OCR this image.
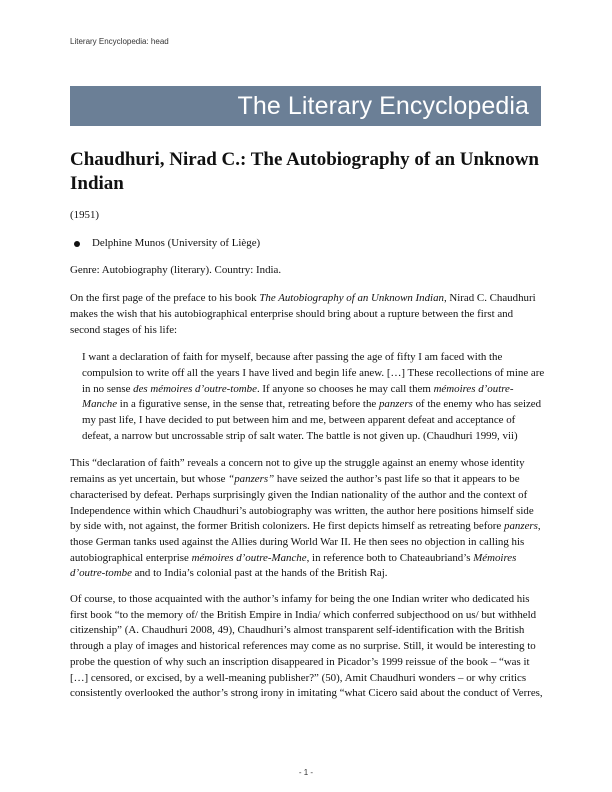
Literary Encyclopedia: head
The Literary Encyclopedia
Chaudhuri, Nirad C.: The Autobiography of an Unknown Indian
(1951)
Delphine Munos (University of Liège)

Genre: Autobiography (literary). Country: India.

On the first page of the preface to his book The Autobiography of an Unknown Indian, Nirad C. Chaudhuri makes the wish that his autobiographical enterprise should bring about a rupture between the first and second stages of his life:

I want a declaration of faith for myself, because after passing the age of fifty I am faced with the compulsion to write off all the years I have lived and begin life anew. […] These recollections of mine are in no sense des mémoires d’outre-tombe. If anyone so chooses he may call them mémoires d’outre-Manche in a figurative sense, in the sense that, retreating before the panzers of the enemy who has seized my past life, I have decided to put between him and me, between apparent defeat and acceptance of defeat, a narrow but uncrossable strip of salt water. The battle is not given up. (Chaudhuri 1999, vii)

This “declaration of faith” reveals a concern not to give up the struggle against an enemy whose identity remains as yet uncertain, but whose “panzers” have seized the author’s past life so that it appears to be characterised by defeat. Perhaps surprisingly given the Indian nationality of the author and the context of Independence within which Chaudhuri’s autobiography was written, the author here positions himself side by side with, not against, the former British colonizers. He first depicts himself as retreating before panzers, those German tanks used against the Allies during World War II. He then sees no objection in calling his autobiographical enterprise mémoires d’outre-Manche, in reference both to Chateaubriand’s Mémoires d’outre-tombe and to India’s colonial past at the hands of the British Raj.

Of course, to those acquainted with the author’s infamy for being the one Indian writer who dedicated his first book “to the memory of/ the British Empire in India/ which conferred subjecthood on us/ but withheld citizenship” (A. Chaudhuri 2008, 49), Chaudhuri’s almost transparent self-identification with the British through a play of images and historical references may come as no surprise. Still, it would be interesting to probe the question of why such an inscription disappeared in Picador’s 1999 reissue of the book – “was it […] censored, or excised, by a well-meaning publisher?” (50), Amit Chaudhuri wonders – or why critics consistently overlooked the author’s strong irony in imitating “what Cicero said about the conduct of Verres,

- 1 -
